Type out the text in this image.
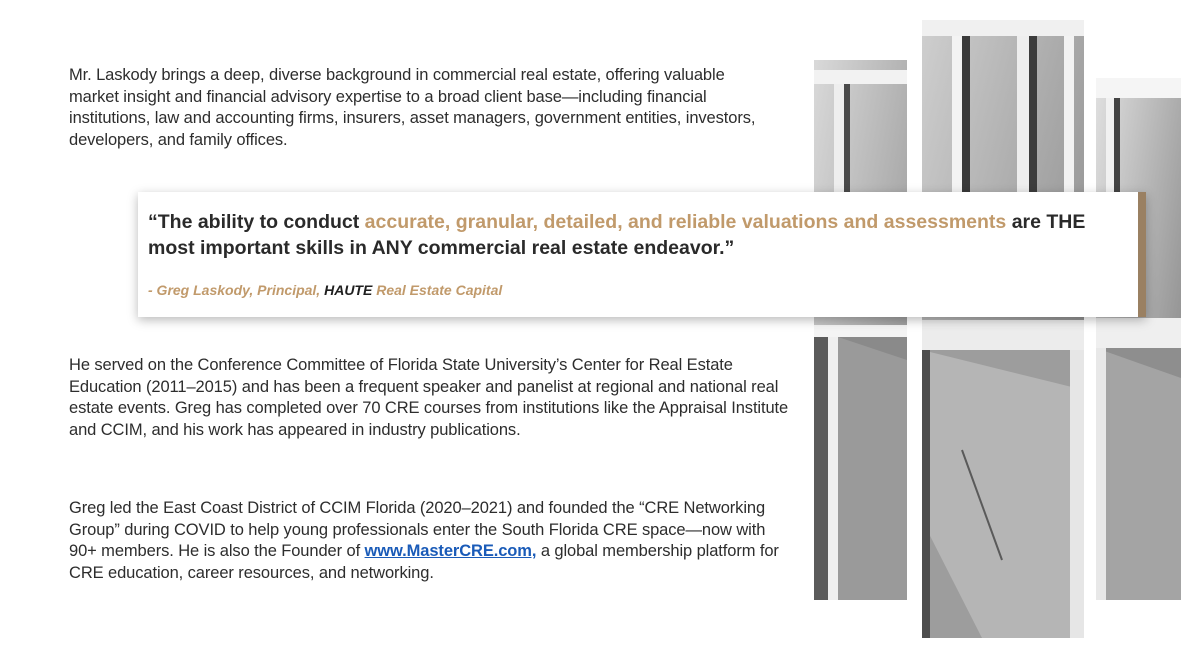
Mr. Laskody brings a deep, diverse background in commercial real estate, offering valuable market insight and financial advisory expertise to a broad client base—including financial institutions, law and accounting firms, insurers, asset managers, government entities, investors, developers, and family offices.

“The ability to conduct accurate, granular, detailed, and reliable valuations and assessments are THE most important skills in ANY commercial real estate endeavor.”

- Greg Laskody, Principal, HAUTE Real Estate Capital

He served on the Conference Committee of Florida State University’s Center for Real Estate Education (2011–2015) and has been a frequent speaker and panelist at regional and national real estate events. Greg has completed over 70 CRE courses from institutions like the Appraisal Institute and CCIM, and his work has appeared in industry publications.

Greg led the East Coast District of CCIM Florida (2020–2021) and founded the “CRE Networking Group” during COVID to help young professionals enter the South Florida CRE space—now with 90+ members. He is also the Founder of www.MasterCRE.com, a global membership platform for CRE education, career resources, and networking.
